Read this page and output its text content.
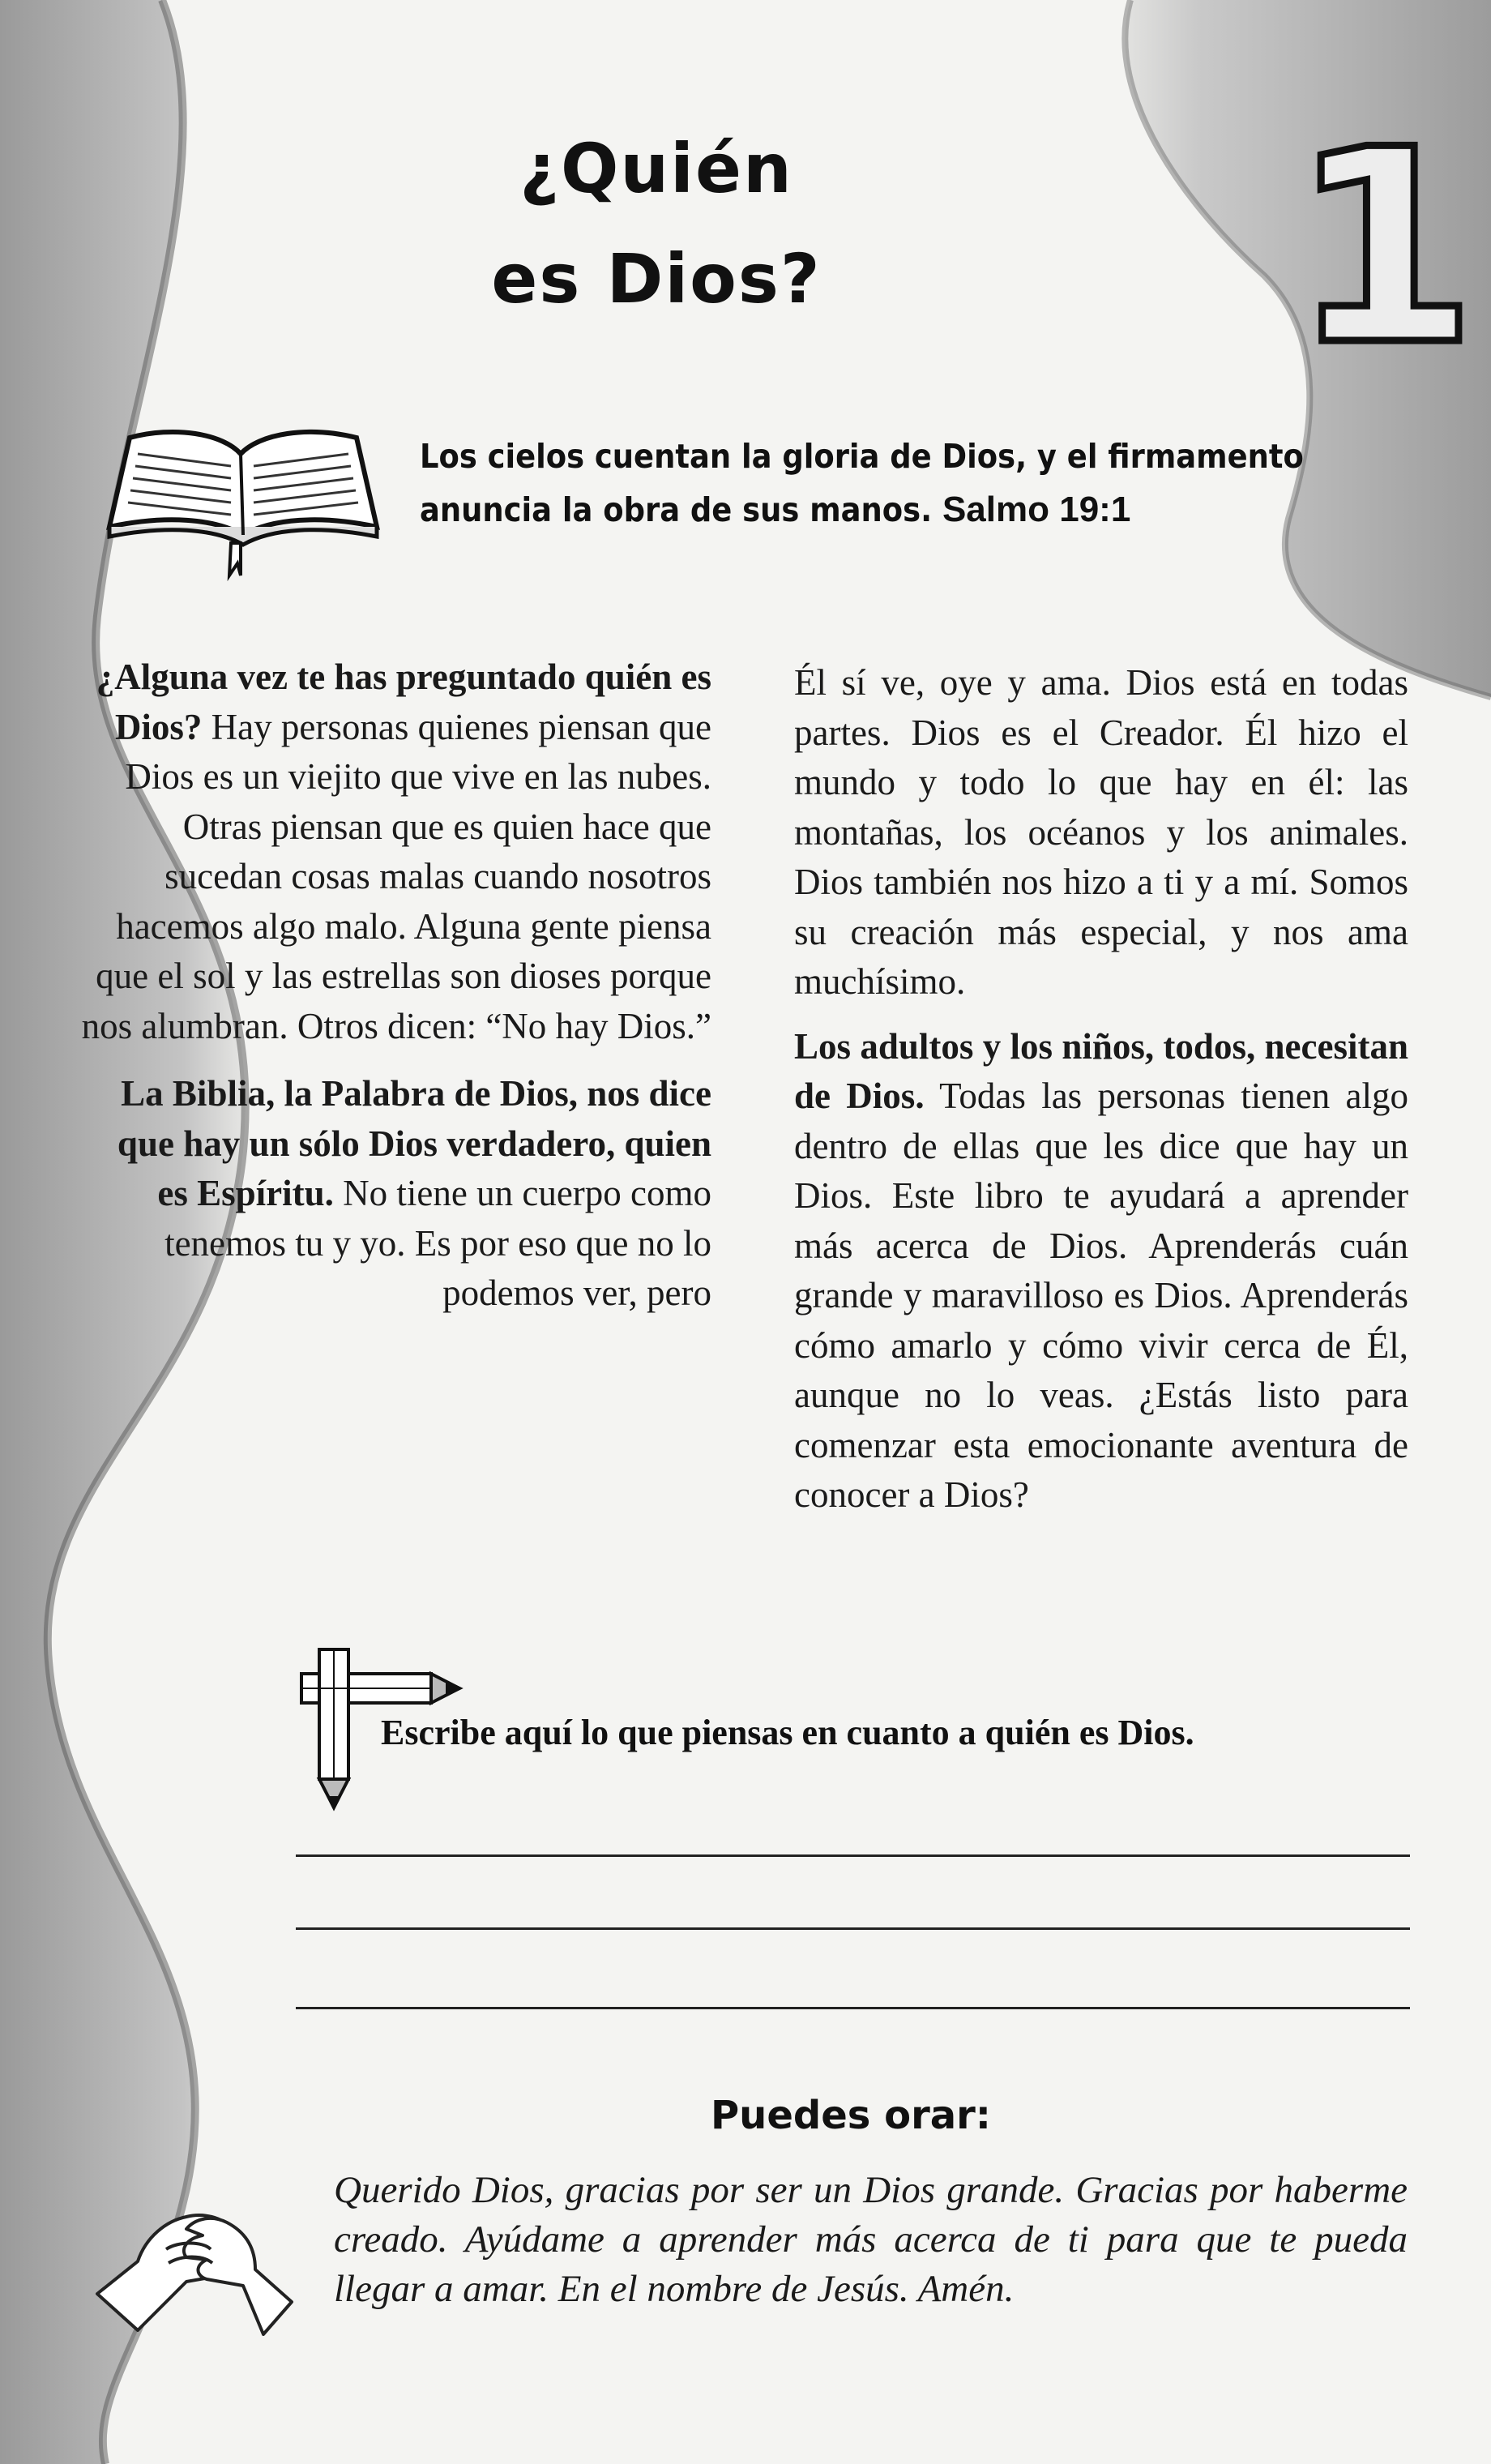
¿Quién
es Dios? 1
Los cielos cuentan la gloria de Dios, y el firmamento anuncia la obra de sus manos. Salmo 19:1

¿Alguna vez te has preguntado quién es Dios? Hay personas quienes piensan que Dios es un viejito que vive en las nubes. Otras piensan que es quien hace que sucedan cosas malas cuando nosotros hacemos algo malo. Alguna gente piensa que el sol y las estrellas son dioses porque nos alumbran. Otros dicen: “No hay Dios.”

La Biblia, la Palabra de Dios, nos dice que hay un sólo Dios verdadero, quien es Espíritu. No tiene un cuerpo como tenemos tu y yo. Es por eso que no lo podemos ver, pero

Él sí ve, oye y ama. Dios está en todas partes. Dios es el Creador. Él hizo el mundo y todo lo que hay en él: las montañas, los océanos y los animales. Dios también nos hizo a ti y a mí. Somos su creación más especial, y nos ama muchísimo.

Los adultos y los niños, todos, necesitan de Dios. Todas las personas tienen algo dentro de ellas que les dice que hay un Dios. Este libro te ayudará a aprender más acerca de Dios. Aprenderás cuán grande y maravilloso es Dios. Aprenderás cómo amarlo y cómo vivir cerca de Él, aunque no lo veas. ¿Estás listo para comenzar esta emocionante aventura de conocer a Dios?

Escribe aquí lo que piensas en cuanto a quién es Dios.
Puedes orar:
Querido Dios, gracias por ser un Dios grande. Gracias por haberme creado. Ayúdame a aprender más acerca de ti para que te pueda llegar a amar. En el nombre de Jesús. Amén.
